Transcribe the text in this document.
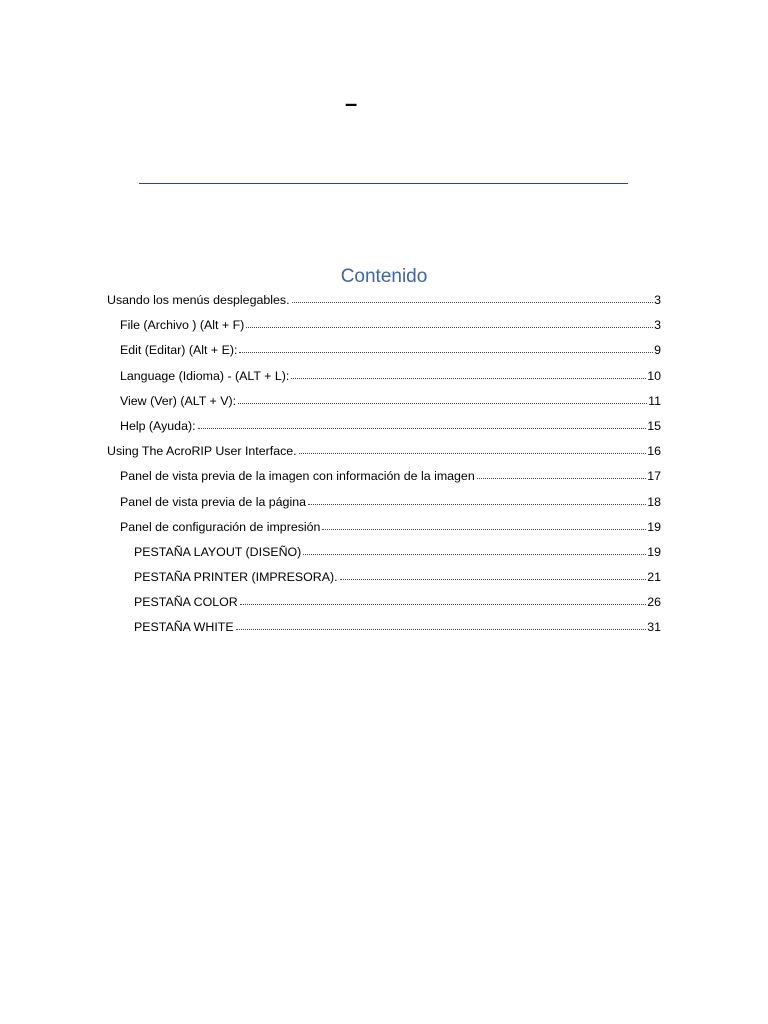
–
Contenido
Usando los menús desplegables.	3
File (Archivo ) (Alt + F)	3
Edit (Editar) (Alt + E):	9
Language (Idioma) - (ALT + L):	10
View (Ver) (ALT + V):	11
Help (Ayuda):	15
Using The AcroRIP User Interface.	16
Panel de vista previa de la imagen con información de la imagen	17
Panel de vista previa de la página	18
Panel de configuración de impresión	19
PESTAÑA LAYOUT (DISEÑO)	19
PESTAÑA PRINTER (IMPRESORA).	21
PESTAÑA COLOR	26
PESTAÑA WHITE	31
